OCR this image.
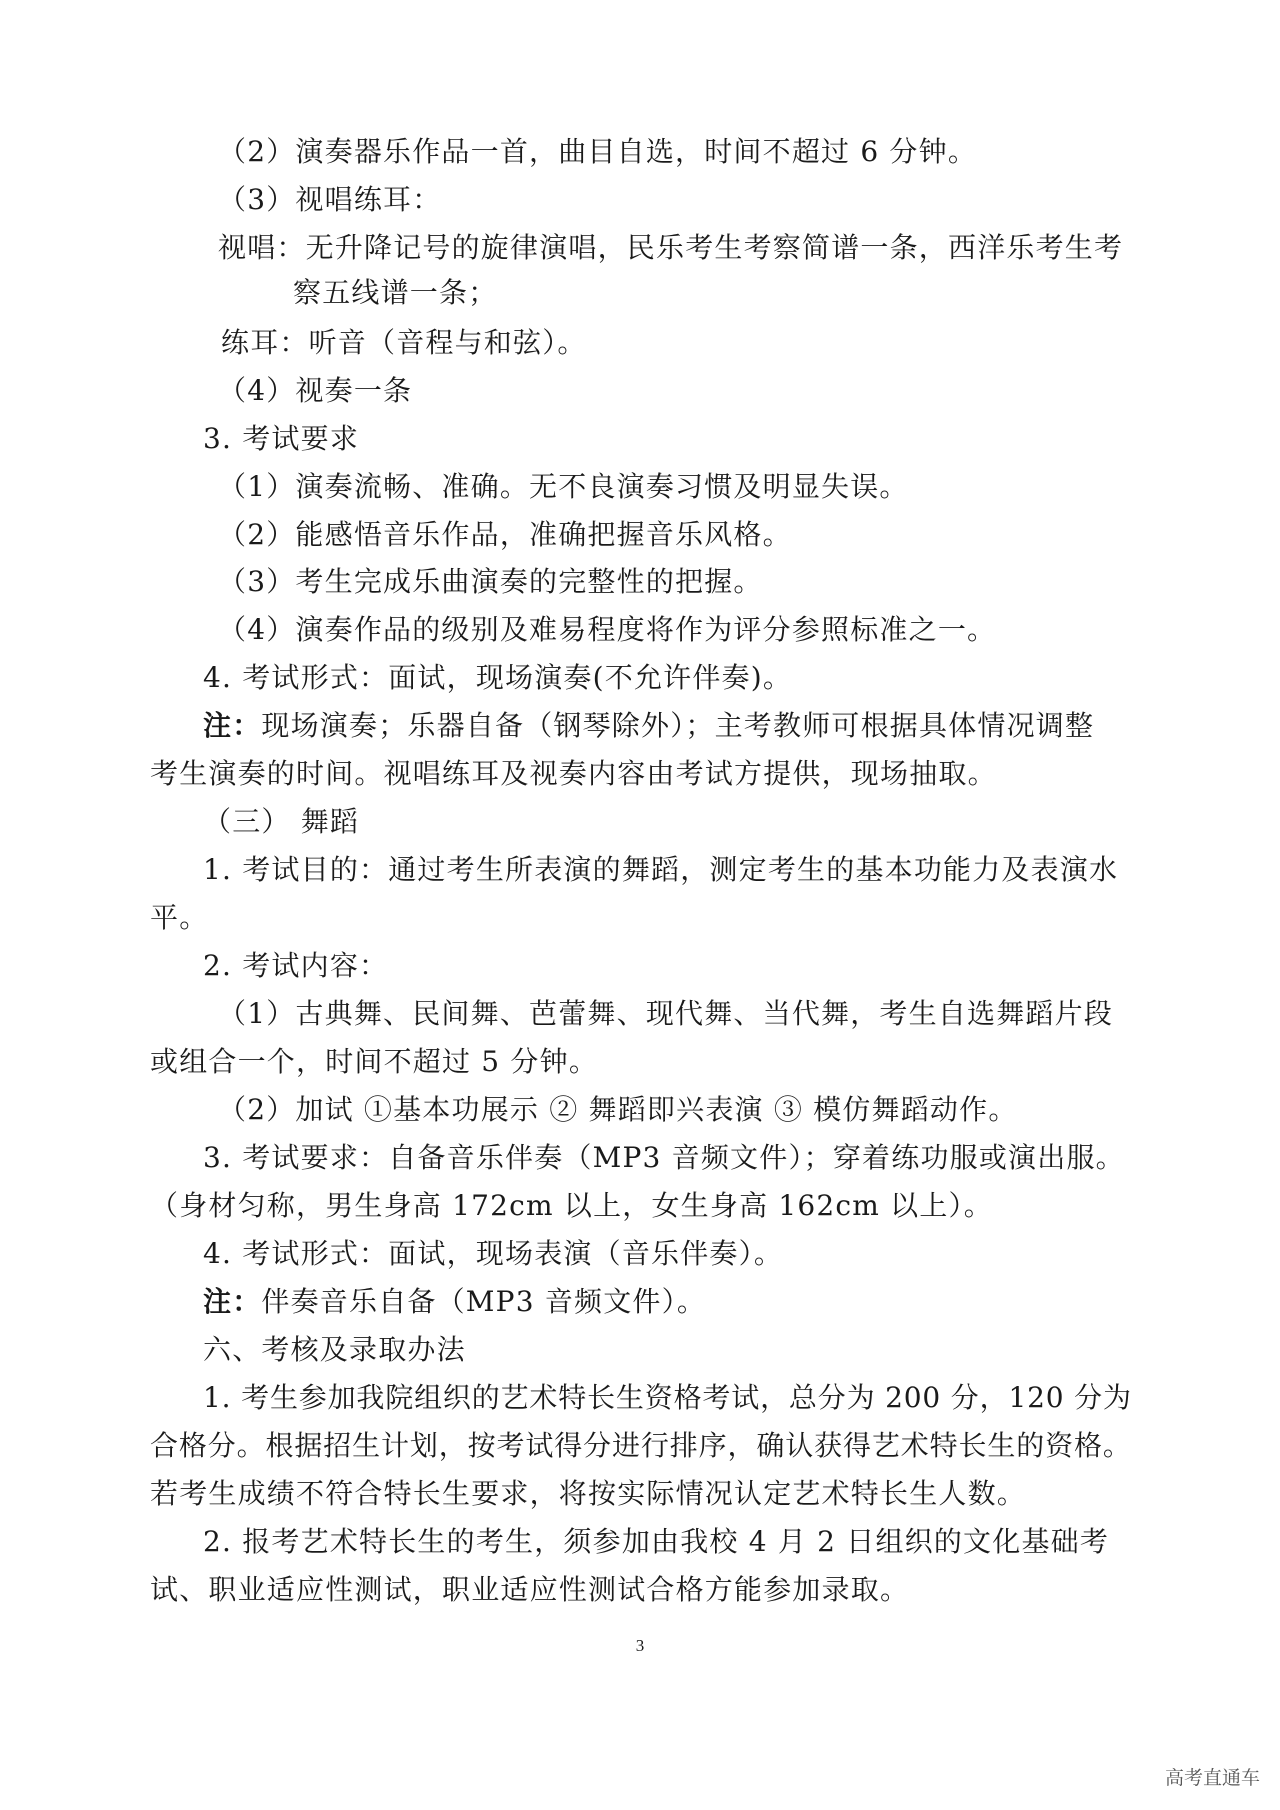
（2）演奏器乐作品一首，曲目自选，时间不超过 6 分钟。
（3）视唱练耳：
视唱：无升降记号的旋律演唱，民乐考生考察简谱一条，西洋乐考生考
察五线谱一条；
练耳：听音（音程与和弦）。
（4）视奏一条
3. 考试要求
（1）演奏流畅、准确。无不良演奏习惯及明显失误。
（2）能感悟音乐作品，准确把握音乐风格。
（3）考生完成乐曲演奏的完整性的把握。
（4）演奏作品的级别及难易程度将作为评分参照标准之一。
4. 考试形式：面试，现场演奏(不允许伴奏)。
注：现场演奏；乐器自备（钢琴除外）；主考教师可根据具体情况调整
考生演奏的时间。视唱练耳及视奏内容由考试方提供，现场抽取。
（三） 舞蹈
1. 考试目的：通过考生所表演的舞蹈，测定考生的基本功能力及表演水
平。
2. 考试内容：
（1）古典舞、民间舞、芭蕾舞、现代舞、当代舞，考生自选舞蹈片段
或组合一个，时间不超过 5 分钟。
（2）加试 ①基本功展示 ② 舞蹈即兴表演 ③ 模仿舞蹈动作。
3. 考试要求：自备音乐伴奏（MP3 音频文件）；穿着练功服或演出服。
（身材匀称，男生身高 172cm 以上，女生身高 162cm 以上）。
4. 考试形式：面试，现场表演（音乐伴奏）。
注：伴奏音乐自备（MP3 音频文件）。
六、考核及录取办法
1. 考生参加我院组织的艺术特长生资格考试，总分为 200 分，120 分为
合格分。根据招生计划，按考试得分进行排序，确认获得艺术特长生的资格。
若考生成绩不符合特长生要求，将按实际情况认定艺术特长生人数。
2. 报考艺术特长生的考生，须参加由我校 4 月 2 日组织的文化基础考
试、职业适应性测试，职业适应性测试合格方能参加录取。
3
高考直通车
